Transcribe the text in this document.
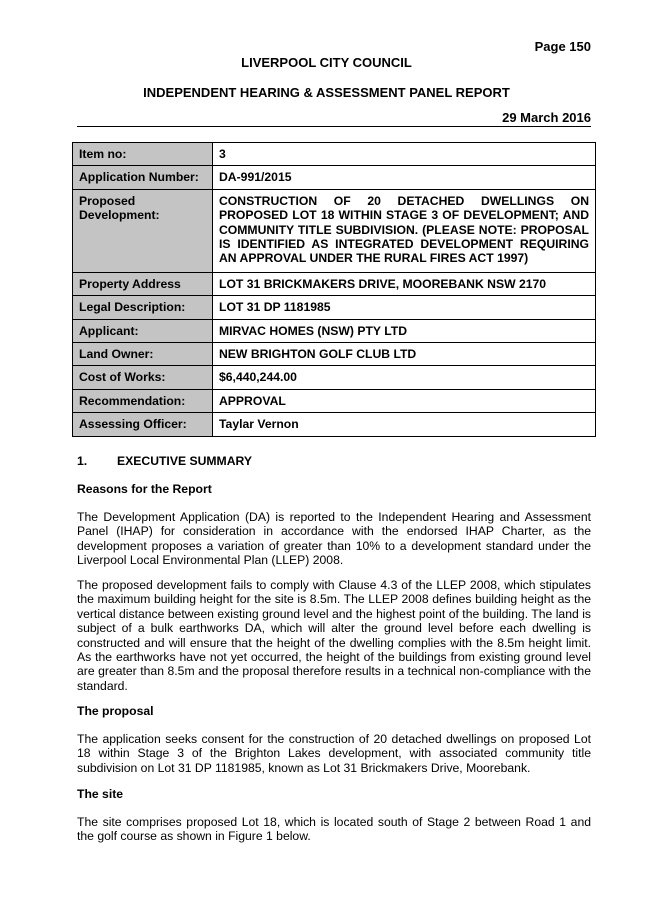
Page 150
LIVERPOOL CITY COUNCIL
INDEPENDENT HEARING & ASSESSMENT PANEL REPORT
29 March 2016
Item no:	3
Application Number:	DA-991/2015
Proposed Development:	CONSTRUCTION OF 20 DETACHED DWELLINGS ON PROPOSED LOT 18 WITHIN STAGE 3 OF DEVELOPMENT; AND COMMUNITY TITLE SUBDIVISION. (PLEASE NOTE: PROPOSAL IS IDENTIFIED AS INTEGRATED DEVELOPMENT REQUIRING AN APPROVAL UNDER THE RURAL FIRES ACT 1997)
Property Address	LOT 31 BRICKMAKERS DRIVE, MOOREBANK NSW 2170
Legal Description:	LOT 31 DP 1181985
Applicant:	MIRVAC HOMES (NSW) PTY LTD
Land Owner:	NEW BRIGHTON GOLF CLUB LTD
Cost of Works:	$6,440,244.00
Recommendation:	APPROVAL
Assessing Officer:	Taylar Vernon
1. EXECUTIVE SUMMARY
Reasons for the Report

The Development Application (DA) is reported to the Independent Hearing and Assessment Panel (IHAP) for consideration in accordance with the endorsed IHAP Charter, as the development proposes a variation of greater than 10% to a development standard under the Liverpool Local Environmental Plan (LLEP) 2008.

The proposed development fails to comply with Clause 4.3 of the LLEP 2008, which stipulates the maximum building height for the site is 8.5m. The LLEP 2008 defines building height as the vertical distance between existing ground level and the highest point of the building. The land is subject of a bulk earthworks DA, which will alter the ground level before each dwelling is constructed and will ensure that the height of the dwelling complies with the 8.5m height limit. As the earthworks have not yet occurred, the height of the buildings from existing ground level are greater than 8.5m and the proposal therefore results in a technical non-compliance with the standard.

The proposal

The application seeks consent for the construction of 20 detached dwellings on proposed Lot 18 within Stage 3 of the Brighton Lakes development, with associated community title subdivision on Lot 31 DP 1181985, known as Lot 31 Brickmakers Drive, Moorebank.

The site

The site comprises proposed Lot 18, which is located south of Stage 2 between Road 1 and the golf course as shown in Figure 1 below.
